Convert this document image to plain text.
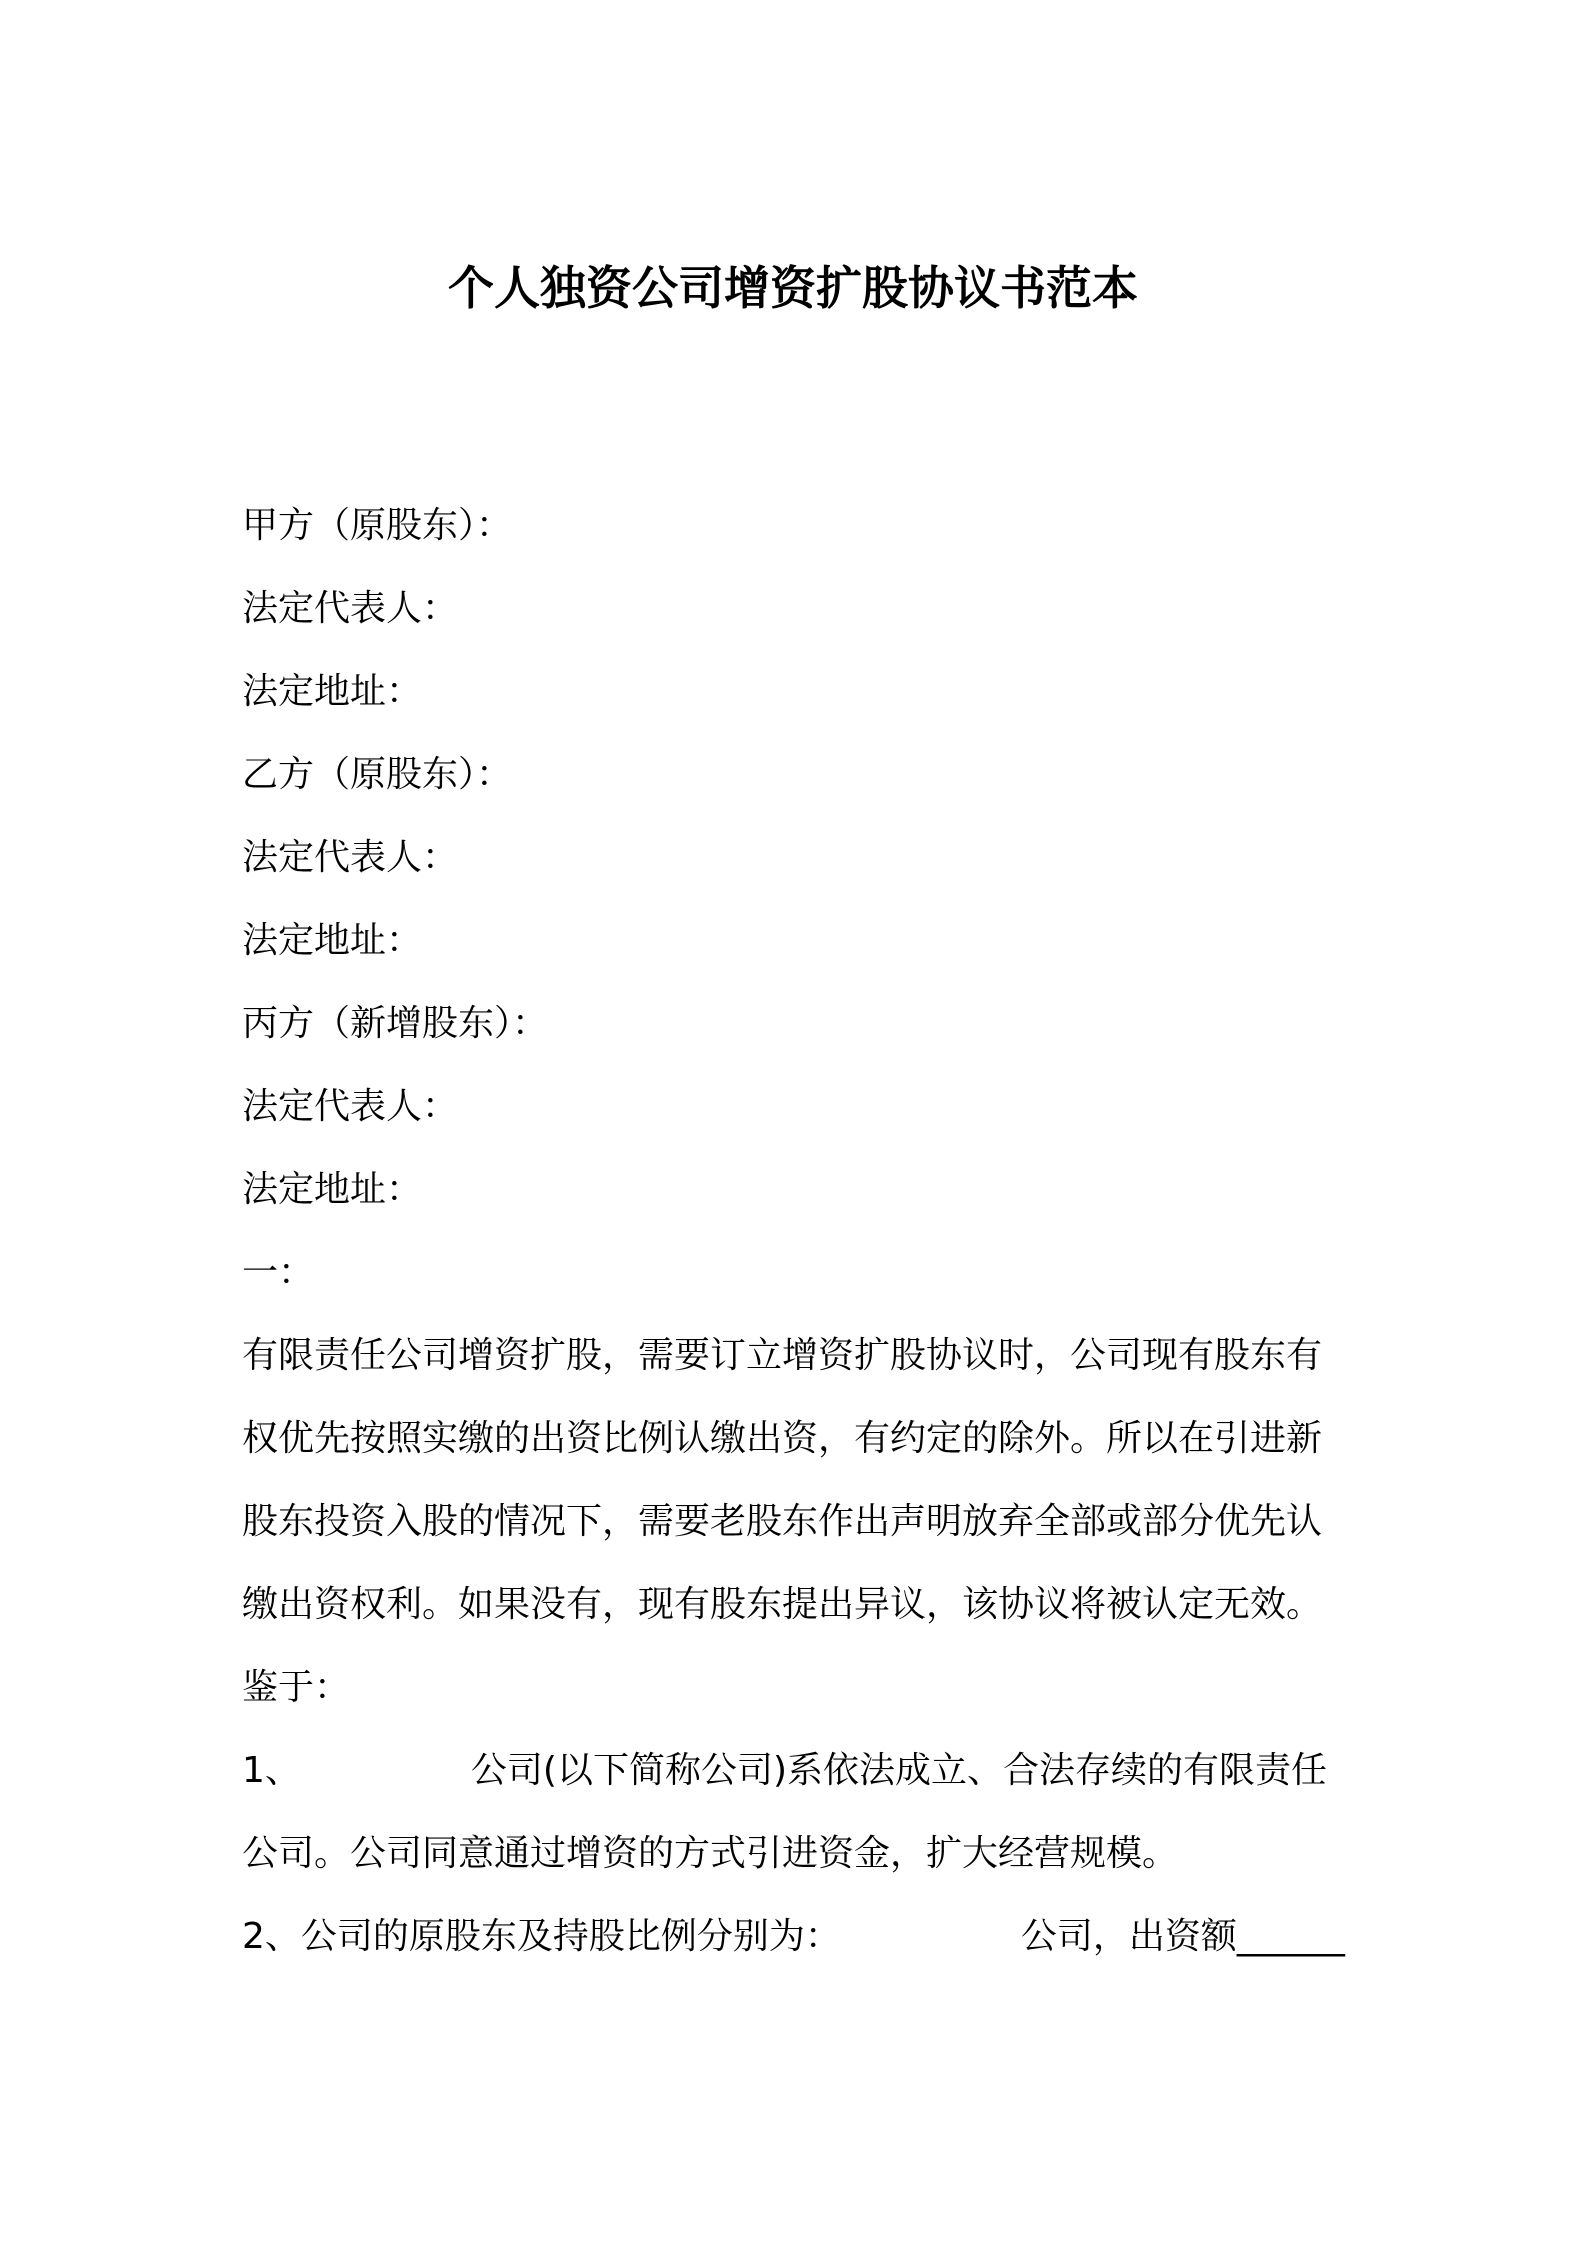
个人独资公司增资扩股协议书范本
甲方（原股东）：
法定代表人：
法定地址：
乙方（原股东）：
法定代表人：
法定地址：
丙方（新增股东）：
法定代表人：
法定地址：
一：
有限责任公司增资扩股，需要订立增资扩股协议时，公司现有股东有
权优先按照实缴的出资比例认缴出资，有约定的除外。所以在引进新
股东投资入股的情况下，需要老股东作出声明放弃全部或部分优先认
缴出资权利。如果没有，现有股东提出异议，该协议将被认定无效。
鉴于：
1、	公司(以下简称公司)系依法成立、合法存续的有限责任
公司。公司同意通过增资的方式引进资金，扩大经营规模。
2、公司的原股东及持股比例分别为：	公司，出资额______
